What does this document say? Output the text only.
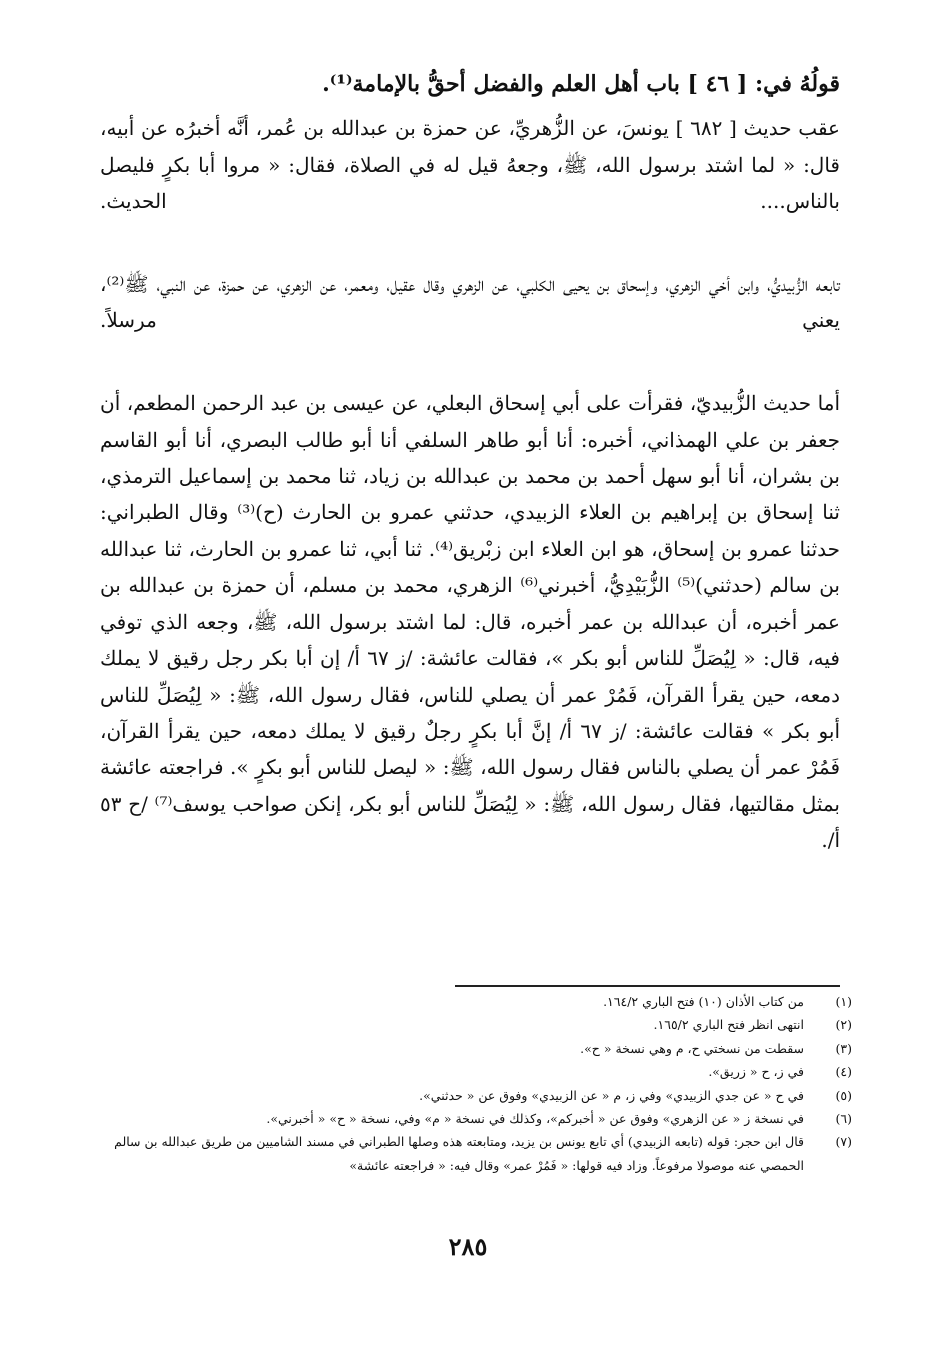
قولُهُ في: [ ٤٦ ] باب أهل العلم والفضل أحقُّ بالإمامة⁽¹⁾.

عقب حديث [ ٦٨٢ ] يونسَ، عن الزُّهريِّ، عن حمزة بن عبدالله بن عُمر، أنَّه أخبرُه عن أبيه، قال: « لما اشتد برسول الله، ﷺ، وجعهُ قيل له في الصلاة، فقال: « مروا أبا بكرٍ فليصل بالناس.... الحديث.

تابعه الزُّبيديُّ، وابن أخي الزهري، وإسحاق بن يحيى الكلبي، عن الزهري وقال عقيل، ومعمر، عن الزهري، عن حمزة، عن النبي، ﷺ⁽²⁾، يعني مرسلاً.

أما حديث الزُّبيديّ، فقرأت على أبي إسحاق البعلي، عن عيسى بن عبد الرحمن المطعم، أن جعفر بن علي الهمذاني، أخبره: أنا أبو طاهر السلفي أنا أبو طالب البصري، أنا أبو القاسم بن بشران، أنا أبو سهل أحمد بن محمد بن عبدالله بن زياد، ثنا محمد بن إسماعيل الترمذي، ثنا إسحاق بن إبراهيم بن العلاء الزبيدي، حدثني عمرو بن الحارث (ح)⁽³⁾ وقال الطبراني: حدثنا عمرو بن إسحاق، هو ابن العلاء ابن زبْريق⁽⁴⁾. ثنا أبي، ثنا عمرو بن الحارث، ثنا عبدالله بن سالم (حدثني)⁽⁵⁾ الزُّبَيْدِيُّ، أخبرني⁽⁶⁾ الزهري، محمد بن مسلم، أن حمزة بن عبدالله بن عمر أخبره، أن عبدالله بن عمر أخبره، قال: لما اشتد برسول الله، ﷺ، وجعه الذي توفي فيه، قال: « لِيُصَلِّ للناس أبو بكر »، فقالت عائشة: /ز ٦٧ أ/ إن أبا بكر رجل رقيق لا يملك دمعه، حين يقرأ القرآن، فَمُرْ عمر أن يصلي للناس، فقال رسول الله، ﷺ: « لِيُصَلِّ للناس أبو بكر » فقالت عائشة: /ز ٦٧ أ/ إنَّ أبا بكرٍ رجلٌ رقيق لا يملك دمعه، حين يقرأ القرآن، فَمُرْ عمر أن يصلي بالناس فقال رسول الله، ﷺ: « ليصل للناس أبو بكرٍ ». فراجعته عائشة بمثل مقالتيها، فقال رسول الله، ﷺ: « لِيُصَلِّ للناس أبو بكر، إنكن صواحب يوسف⁽⁷⁾ /ح ٥٣ أ/.

(١)
من كتاب الأذان (١٠) فتح الباري ١٦٤/٢.
(٢)
انتهى انظر فتح الباري ١٦٥/٢.
(٣)
سقطت من نسختي ح، م وهي نسخة « ح».
(٤)
في ز، ح « زريق».
(٥)
في ح « عن جدي الزبيدي» وفي ز، م « عن الزبيدي» وفوق عن « حدثني».
(٦)
في نسخة ز « عن الزهري» وفوق عن « أخبركم»، وكذلك في نسخة « م» وفي، نسخة « ح» « أخبرني».
(٧)
قال ابن حجر: قوله (تابعه الزبيدي) أي تابع يونس بن يزيد، ومتابعته هذه وصلها الطبراني في مسند الشاميين من طريق عبدالله بن سالم الحمصي عنه موصولا مرفوعاً. وزاد فيه قولها: « فَمُرْ عمر» وقال فيه: « فراجعته عائشة»
٢٨٥
